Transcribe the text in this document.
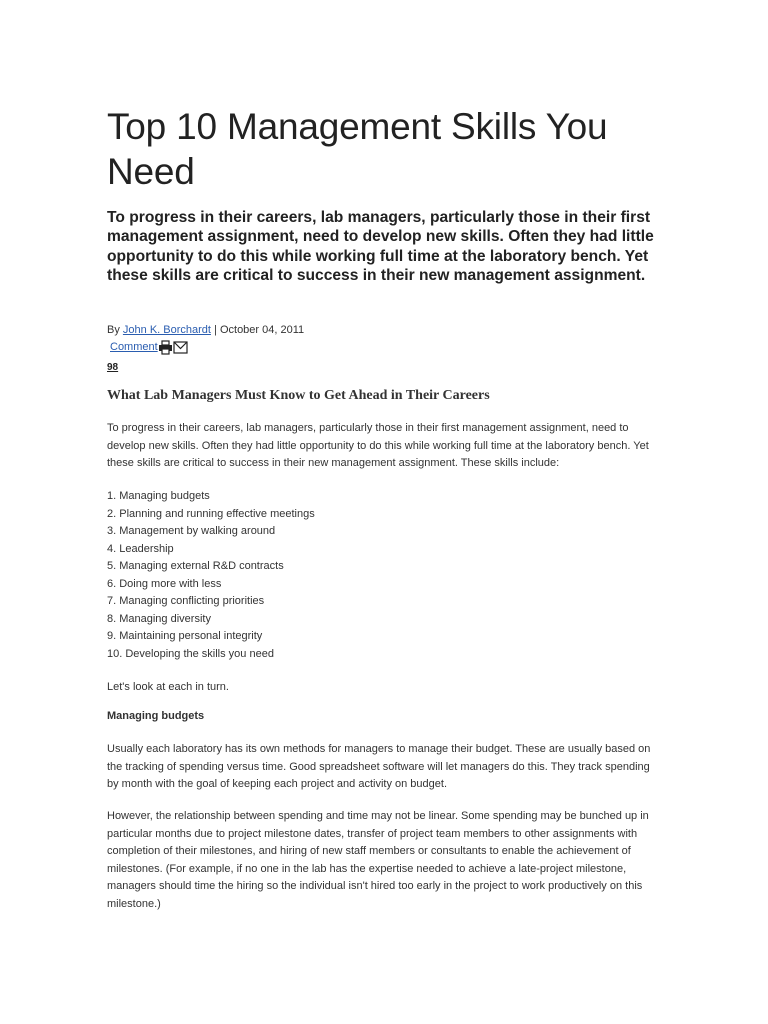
Top 10 Management Skills You Need

To progress in their careers, lab managers, particularly those in their first management assignment, need to develop new skills. Often they had little opportunity to do this while working full time at the laboratory bench. Yet these skills are critical to success in their new management assignment.

By John K. Borchardt | October 04, 2011
Comment
98
What Lab Managers Must Know to Get Ahead in Their Careers

To progress in their careers, lab managers, particularly those in their first management assignment, need to develop new skills. Often they had little opportunity to do this while working full time at the laboratory bench. Yet these skills are critical to success in their new management assignment. These skills include:

1. Managing budgets
2. Planning and running effective meetings
3. Management by walking around
4. Leadership
5. Managing external R&D contracts
6. Doing more with less
7. Managing conflicting priorities
8. Managing diversity
9. Maintaining personal integrity
10. Developing the skills you need

Let's look at each in turn.

Managing budgets

Usually each laboratory has its own methods for managers to manage their budget. These are usually based on the tracking of spending versus time. Good spreadsheet software will let managers do this. They track spending by month with the goal of keeping each project and activity on budget.

However, the relationship between spending and time may not be linear. Some spending may be bunched up in particular months due to project milestone dates, transfer of project team members to other assignments with completion of their milestones, and hiring of new staff members or consultants to enable the achievement of milestones. (For example, if no one in the lab has the expertise needed to achieve a late-project milestone, managers should time the hiring so the individual isn't hired too early in the project to work productively on this milestone.)
